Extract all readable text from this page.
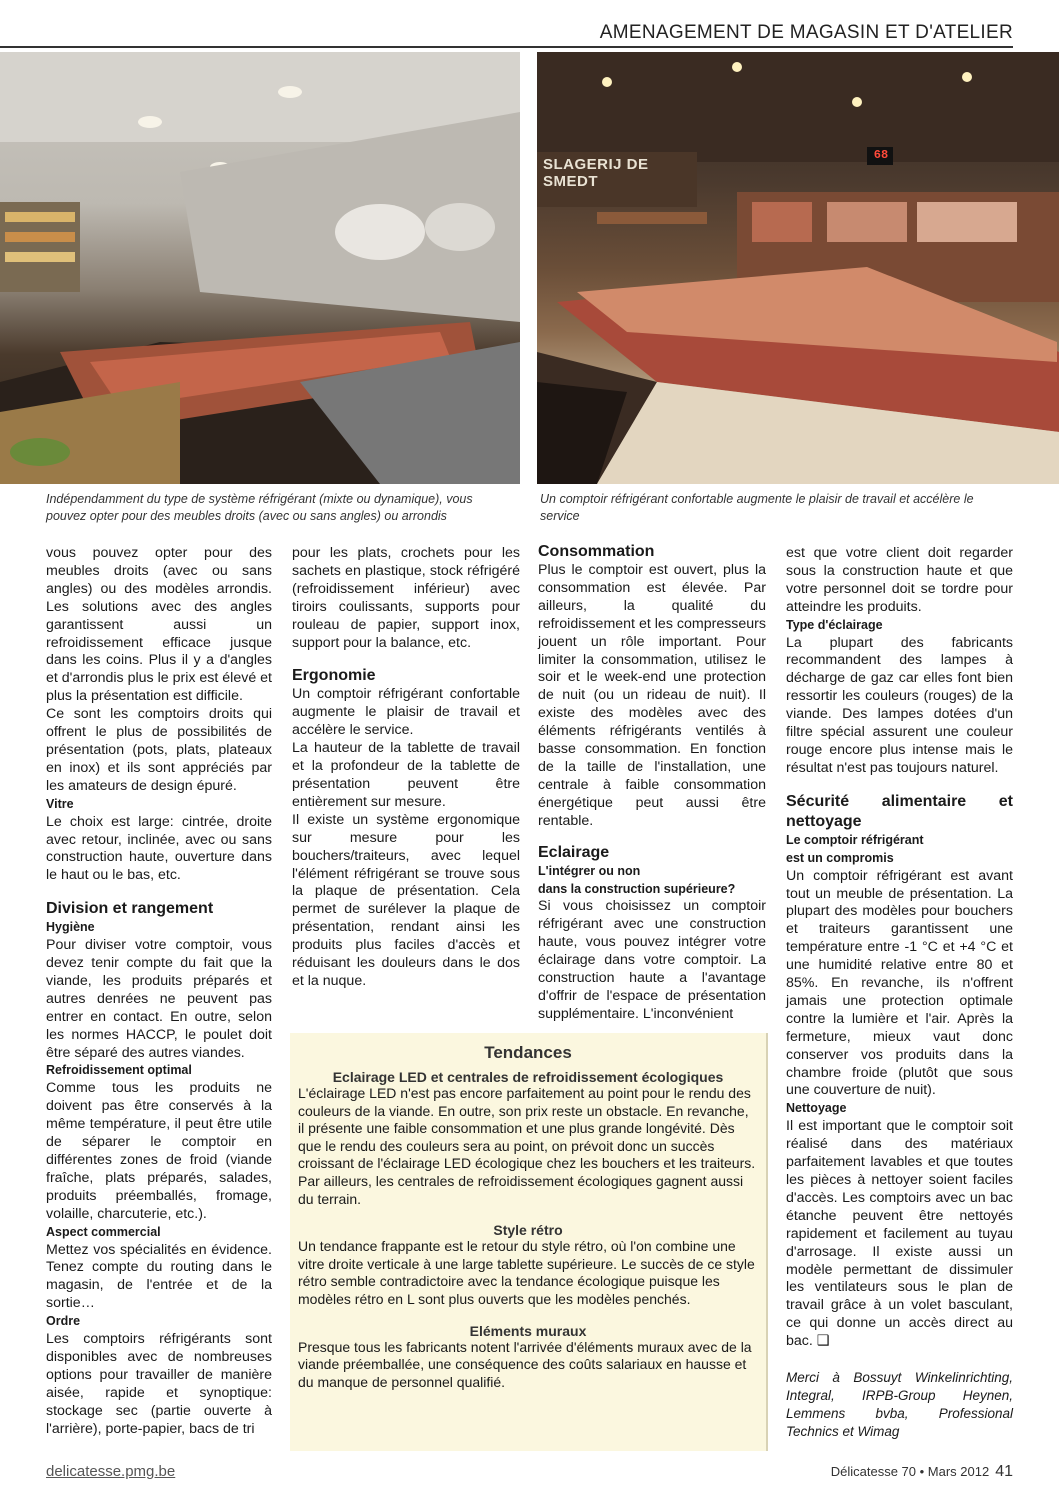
AMENAGEMENT DE MAGASIN ET D'ATELIER
SLAGERIJ DE SMEDT
68
Indépendamment du type de système réfrigérant (mixte ou dynamique), vous pouvez opter pour des meubles droits (avec ou sans angles) ou arrondis
Un comptoir réfrigérant confortable augmente le plaisir de travail et accélère le service

vous pouvez opter pour des meubles droits (avec ou sans angles) ou des modèles arrondis. Les solutions avec des angles garantissent aussi un refroidissement efficace jusque dans les coins. Plus il y a d'angles et d'arrondis plus le prix est élevé et plus la présentation est difficile.

Ce sont les comptoirs droits qui offrent le plus de possibilités de présentation (pots, plats, plateaux en inox) et ils sont appréciés par les amateurs de design épuré.

Vitre

Le choix est large: cintrée, droite avec retour, inclinée, avec ou sans construction haute, ouverture dans le haut ou le bas, etc.

Division et rangement

Hygiène

Pour diviser votre comptoir, vous devez tenir compte du fait que la viande, les produits préparés et autres denrées ne peuvent pas entrer en contact. En outre, selon les normes HACCP, le poulet doit être séparé des autres viandes.

Refroidissement optimal

Comme tous les produits ne doivent pas être conservés à la même température, il peut être utile de séparer le comptoir en différentes zones de froid (viande fraîche, plats préparés, salades, produits préemballés, fromage, volaille, charcuterie, etc.).

Aspect commercial

Mettez vos spécialités en évidence. Tenez compte du routing dans le magasin, de l'entrée et de la sortie…

Ordre

Les comptoirs réfrigérants sont disponibles avec de nombreuses options pour travailler de manière aisée, rapide et synoptique: stockage sec (partie ouverte à l'arrière), porte-papier, bacs de tri

pour les plats, crochets pour les sachets en plastique, stock réfrigéré (refroidissement inférieur) avec tiroirs coulissants, supports pour rouleau de papier, support inox, support pour la balance, etc.

Ergonomie

Un comptoir réfrigérant confortable augmente le plaisir de travail et accélère le service.

La hauteur de la tablette de travail et la profondeur de la tablette de présentation peuvent être entièrement sur mesure.

Il existe un système ergonomique sur mesure pour les bouchers/traiteurs, avec lequel l'élément réfrigérant se trouve sous la plaque de présentation. Cela permet de surélever la plaque de présentation, rendant ainsi les produits plus faciles d'accès et réduisant les douleurs dans le dos et la nuque.

Consommation

Plus le comptoir est ouvert, plus la consommation est élevée. Par ailleurs, la qualité du refroidissement et les compresseurs jouent un rôle important. Pour limiter la consommation, utilisez le soir et le week-end une protection de nuit (ou un rideau de nuit). Il existe des modèles avec des éléments réfrigérants ventilés à basse consommation. En fonction de la taille de l'installation, une centrale à faible consommation énergétique peut aussi être rentable.

Eclairage

L'intégrer ou non

dans la construction supérieure?

Si vous choisissez un comptoir réfrigérant avec une construction haute, vous pouvez intégrer votre éclairage dans votre comptoir. La construction haute a l'avantage d'offrir de l'espace de présentation supplémentaire. L'inconvénient

est que votre client doit regarder sous la construction haute et que votre personnel doit se tordre pour atteindre les produits.

Type d'éclairage

La plupart des fabricants recommandent des lampes à décharge de gaz car elles font bien ressortir les couleurs (rouges) de la viande. Des lampes dotées d'un filtre spécial assurent une couleur rouge encore plus intense mais le résultat n'est pas toujours naturel.

Sécurité alimentaire et nettoyage

Le comptoir réfrigérant

est un compromis

Un comptoir réfrigérant est avant tout un meuble de présentation. La plupart des modèles pour bouchers et traiteurs garantissent une température entre -1 °C et +4 °C et une humidité relative entre 80 et 85%. En revanche, ils n'offrent jamais une protection optimale contre la lumière et l'air. Après la fermeture, mieux vaut donc conserver vos produits dans la chambre froide (plutôt que sous une couverture de nuit).

Nettoyage

Il est important que le comptoir soit réalisé dans des matériaux parfaitement lavables et que toutes les pièces à nettoyer soient faciles d'accès. Les comptoirs avec un bac étanche peuvent être nettoyés rapidement et facilement au tuyau d'arrosage. Il existe aussi un modèle permettant de dissimuler les ventilateurs sous le plan de travail grâce à un volet basculant, ce qui donne un accès direct au bac. ❑

Merci à Bossuyt Winkelinrichting, Integral, IRPB-Group Heynen, Lemmens bvba, Professional Technics et Wimag

Tendances
Eclairage LED et centrales de refroidissement écologiques
L'éclairage LED n'est pas encore parfaitement au point pour le rendu des couleurs de la viande. En outre, son prix reste un obstacle. En revanche, il présente une faible consommation et une plus grande longévité. Dès que le rendu des couleurs sera au point, on prévoit donc un succès croissant de l'éclairage LED écologique chez les bouchers et les traiteurs. Par ailleurs, les centrales de refroidissement écologiques gagnent aussi du terrain.
Style rétro
Un tendance frappante est le retour du style rétro, où l'on combine une vitre droite verticale à une large tablette supérieure. Le succès de ce style rétro semble contradictoire avec la tendance écologique puisque les modèles rétro en L sont plus ouverts que les modèles penchés.
Eléments muraux
Presque tous les fabricants notent l'arrivée d'éléments muraux avec de la viande préemballée, une conséquence des coûts salariaux en hausse et du manque de personnel qualifié.
delicatesse.pmg.be	Délicatesse 70 • Mars 2012 41
